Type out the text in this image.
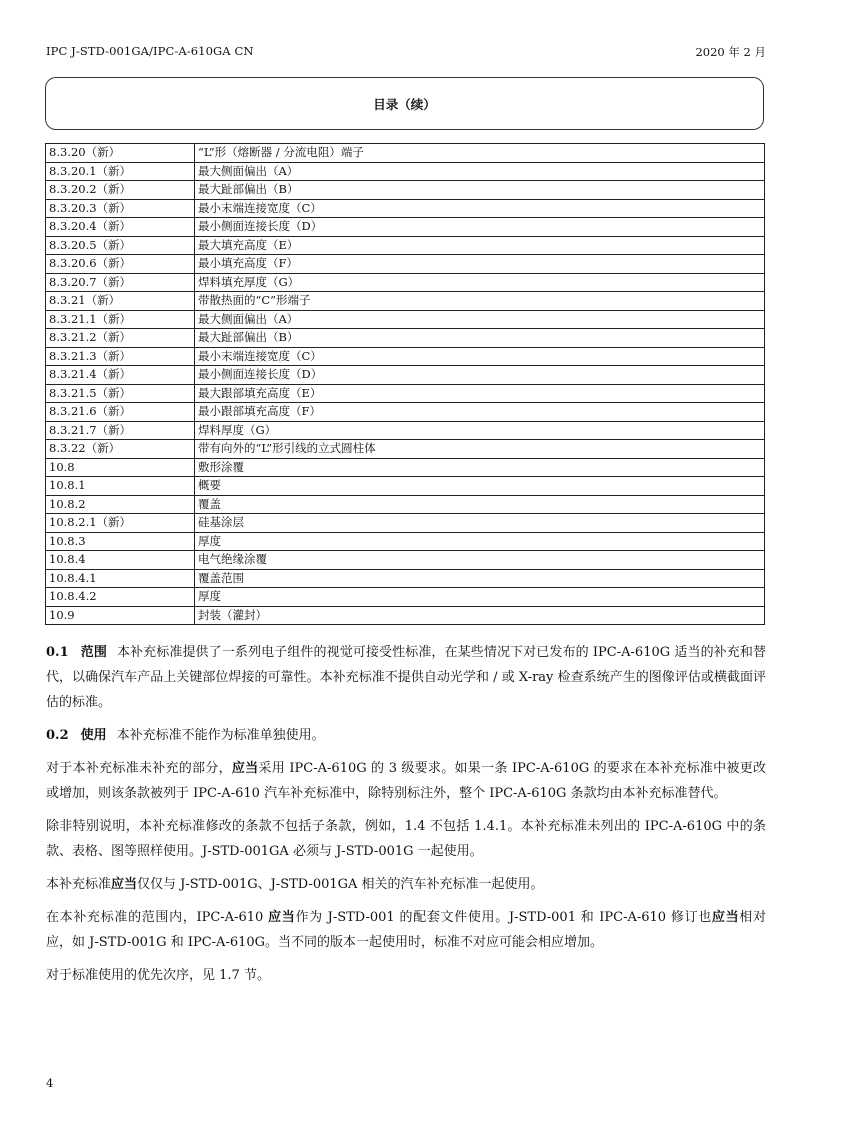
IPC J-STD-001GA/IPC-A-610GA CN	2020 年 2 月
目录（续）
8.3.20（新）	“L”形（熔断器 / 分流电阻）端子
8.3.20.1（新）	最大侧面偏出（A）
8.3.20.2（新）	最大趾部偏出（B）
8.3.20.3（新）	最小末端连接宽度（C）
8.3.20.4（新）	最小侧面连接长度（D）
8.3.20.5（新）	最大填充高度（E）
8.3.20.6（新）	最小填充高度（F）
8.3.20.7（新）	焊料填充厚度（G）
8.3.21（新）	带散热面的“C”形端子
8.3.21.1（新）	最大侧面偏出（A）
8.3.21.2（新）	最大趾部偏出（B）
8.3.21.3（新）	最小末端连接宽度（C）
8.3.21.4（新）	最小侧面连接长度（D）
8.3.21.5（新）	最大跟部填充高度（E）
8.3.21.6（新）	最小跟部填充高度（F）
8.3.21.7（新）	焊料厚度（G）
8.3.22（新）	带有向外的“L”形引线的立式圆柱体
10.8	敷形涂覆
10.8.1	概要
10.8.2	覆盖
10.8.2.1（新）	硅基涂层
10.8.3	厚度
10.8.4	电气绝缘涂覆
10.8.4.1	覆盖范围
10.8.4.2	厚度
10.9	封装（灌封）

0.1 范围 本补充标准提供了一系列电子组件的视觉可接受性标准，在某些情况下对已发布的 IPC-A-610G 适当的补充和替代，以确保汽车产品上关键部位焊接的可靠性。本补充标准不提供自动光学和 / 或 X-ray 检查系统产生的图像评估或横截面评估的标准。

0.2 使用 本补充标准不能作为标准单独使用。

对于本补充标准未补充的部分，应当采用 IPC-A-610G 的 3 级要求。如果一条 IPC-A-610G 的要求在本补充标准中被更改或增加，则该条款被列于 IPC-A-610 汽车补充标准中，除特别标注外，整个 IPC-A-610G 条款均由本补充标准替代。

除非特别说明，本补充标准修改的条款不包括子条款，例如，1.4 不包括 1.4.1。本补充标准未列出的 IPC-A-610G 中的条款、表格、图等照样使用。J-STD-001GA 必须与 J-STD-001G 一起使用。

本补充标准应当仅仅与 J-STD-001G、J-STD-001GA 相关的汽车补充标准一起使用。

在本补充标准的范围内，IPC-A-610 应当作为 J-STD-001 的配套文件使用。J-STD-001 和 IPC-A-610 修订也应当相对应，如 J-STD-001G 和 IPC-A-610G。当不同的版本一起使用时，标准不对应可能会相应增加。

对于标准使用的优先次序，见 1.7 节。

4
